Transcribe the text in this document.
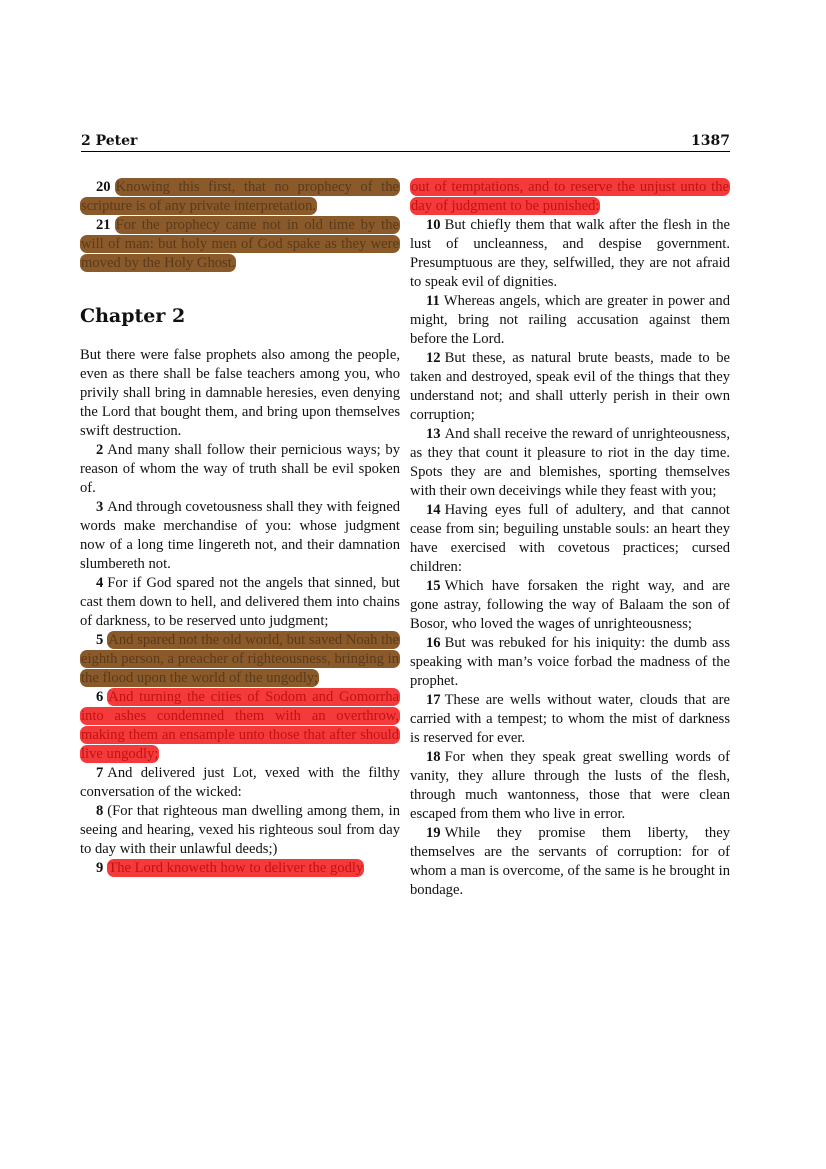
2 Peter	1387

20 Knowing this first, that no prophecy of the scripture is of any private interpretation.

21 For the prophecy came not in old time by the will of man: but holy men of God spake as they were moved by the Holy Ghost.

Chapter 2

But there were false prophets also among the people, even as there shall be false teachers among you, who privily shall bring in damnable heresies, even denying the Lord that bought them, and bring upon themselves swift destruction.

2 And many shall follow their pernicious ways; by reason of whom the way of truth shall be evil spoken of.

3 And through covetousness shall they with feigned words make merchandise of you: whose judgment now of a long time lingereth not, and their damnation slumbereth not.

4 For if God spared not the angels that sinned, but cast them down to hell, and delivered them into chains of darkness, to be reserved unto judgment;

5 And spared not the old world, but saved Noah the eighth person, a preacher of righteousness, bringing in the flood upon the world of the ungodly;

6 And turning the cities of Sodom and Gomorrha into ashes condemned them with an overthrow, making them an ensample unto those that after should live ungodly;

7 And delivered just Lot, vexed with the filthy conversation of the wicked:

8 (For that righteous man dwelling among them, in seeing and hearing, vexed his righteous soul from day to day with their unlawful deeds;)

9 The Lord knoweth how to deliver the godly

out of temptations, and to reserve the unjust unto the day of judgment to be punished:

10 But chiefly them that walk after the flesh in the lust of uncleanness, and despise government. Presumptuous are they, selfwilled, they are not afraid to speak evil of dignities.

11 Whereas angels, which are greater in power and might, bring not railing accusation against them before the Lord.

12 But these, as natural brute beasts, made to be taken and destroyed, speak evil of the things that they understand not; and shall utterly perish in their own corruption;

13 And shall receive the reward of unrighteousness, as they that count it pleasure to riot in the day time. Spots they are and blemishes, sporting themselves with their own deceivings while they feast with you;

14 Having eyes full of adultery, and that cannot cease from sin; beguiling unstable souls: an heart they have exercised with covetous practices; cursed children:

15 Which have forsaken the right way, and are gone astray, following the way of Balaam the son of Bosor, who loved the wages of unrighteousness;

16 But was rebuked for his iniquity: the dumb ass speaking with man’s voice forbad the madness of the prophet.

17 These are wells without water, clouds that are carried with a tempest; to whom the mist of darkness is reserved for ever.

18 For when they speak great swelling words of vanity, they allure through the lusts of the flesh, through much wantonness, those that were clean escaped from them who live in error.

19 While they promise them liberty, they themselves are the servants of corruption: for of whom a man is overcome, of the same is he brought in bondage.
